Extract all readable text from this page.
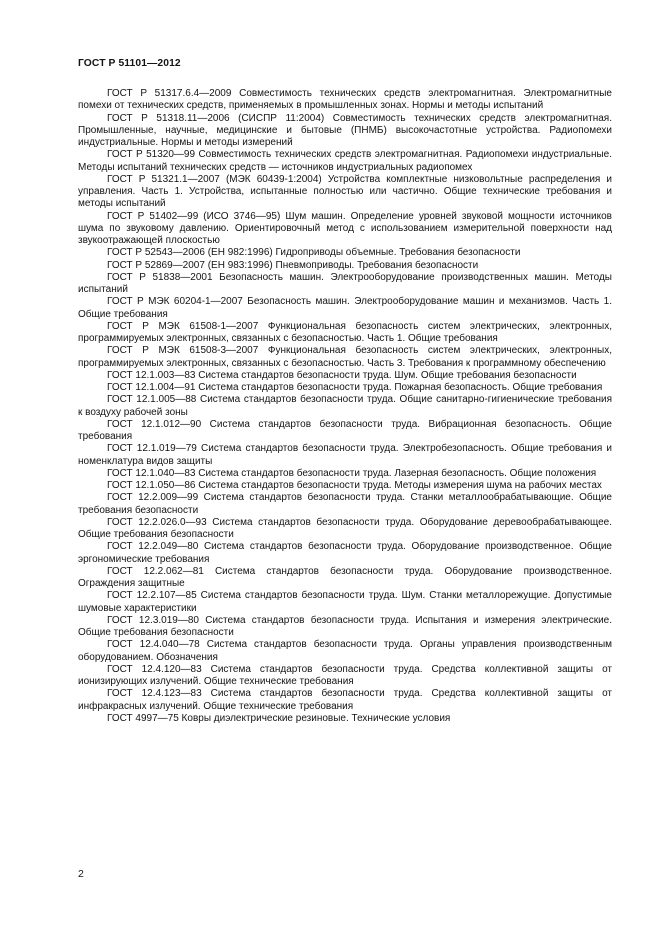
ГОСТ Р 51101—2012

ГОСТ Р 51317.6.4—2009 Совместимость технических средств электромагнитная. Электромагнитные помехи от технических средств, применяемых в промышленных зонах. Нормы и методы испытаний

ГОСТ Р 51318.11—2006 (СИСПР 11:2004) Совместимость технических средств электромагнитная. Промышленные, научные, медицинские и бытовые (ПНМБ) высокочастотные устройства. Радиопомехи индустриальные. Нормы и методы измерений

ГОСТ Р 51320—99 Совместимость технических средств электромагнитная. Радиопомехи индустриальные. Методы испытаний технических средств — источников индустриальных радиопомех

ГОСТ Р 51321.1—2007 (МЭК 60439-1:2004) Устройства комплектные низковольтные распределения и управления. Часть 1. Устройства, испытанные полностью или частично. Общие технические требования и методы испытаний

ГОСТ Р 51402—99 (ИСО 3746—95) Шум машин. Определение уровней звуковой мощности источников шума по звуковому давлению. Ориентировочный метод с использованием измерительной поверхности над звукоотражающей плоскостью

ГОСТ Р 52543—2006 (ЕН 982:1996) Гидроприводы объемные. Требования безопасности

ГОСТ Р 52869—2007 (ЕН 983:1996) Пневмоприводы. Требования безопасности

ГОСТ Р 51838—2001 Безопасность машин. Электрооборудование производственных машин. Методы испытаний

ГОСТ Р МЭК 60204-1—2007 Безопасность машин. Электрооборудование машин и механизмов. Часть 1. Общие требования

ГОСТ Р МЭК 61508-1—2007 Функциональная безопасность систем электрических, электронных, программируемых электронных, связанных с безопасностью. Часть 1. Общие требования

ГОСТ Р МЭК 61508-3—2007 Функциональная безопасность систем электрических, электронных, программируемых электронных, связанных с безопасностью. Часть 3. Требования к программному обеспечению

ГОСТ 12.1.003—83 Система стандартов безопасности труда. Шум. Общие требования безопасности

ГОСТ 12.1.004—91 Система стандартов безопасности труда. Пожарная безопасность. Общие требования

ГОСТ 12.1.005—88 Система стандартов безопасности труда. Общие санитарно-гигиенические требования к воздуху рабочей зоны

ГОСТ 12.1.012—90 Система стандартов безопасности труда. Вибрационная безопасность. Общие требования

ГОСТ 12.1.019—79 Система стандартов безопасности труда. Электробезопасность. Общие требования и номенклатура видов защиты

ГОСТ 12.1.040—83 Система стандартов безопасности труда. Лазерная безопасность. Общие положения

ГОСТ 12.1.050—86 Система стандартов безопасности труда. Методы измерения шума на рабочих местах

ГОСТ 12.2.009—99 Система стандартов безопасности труда. Станки металлообрабатывающие. Общие требования безопасности

ГОСТ 12.2.026.0—93 Система стандартов безопасности труда. Оборудование деревообрабатывающее. Общие требования безопасности

ГОСТ 12.2.049—80 Система стандартов безопасности труда. Оборудование производственное. Общие эргономические требования

ГОСТ 12.2.062—81 Система стандартов безопасности труда. Оборудование производственное. Ограждения защитные

ГОСТ 12.2.107—85 Система стандартов безопасности труда. Шум. Станки металлорежущие. Допустимые шумовые характеристики

ГОСТ 12.3.019—80 Система стандартов безопасности труда. Испытания и измерения электрические. Общие требования безопасности

ГОСТ 12.4.040—78 Система стандартов безопасности труда. Органы управления производственным оборудованием. Обозначения

ГОСТ 12.4.120—83 Система стандартов безопасности труда. Средства коллективной защиты от ионизирующих излучений. Общие технические требования

ГОСТ 12.4.123—83 Система стандартов безопасности труда. Средства коллективной защиты от инфракрасных излучений. Общие технические требования

ГОСТ 4997—75 Ковры диэлектрические резиновые. Технические условия

2
